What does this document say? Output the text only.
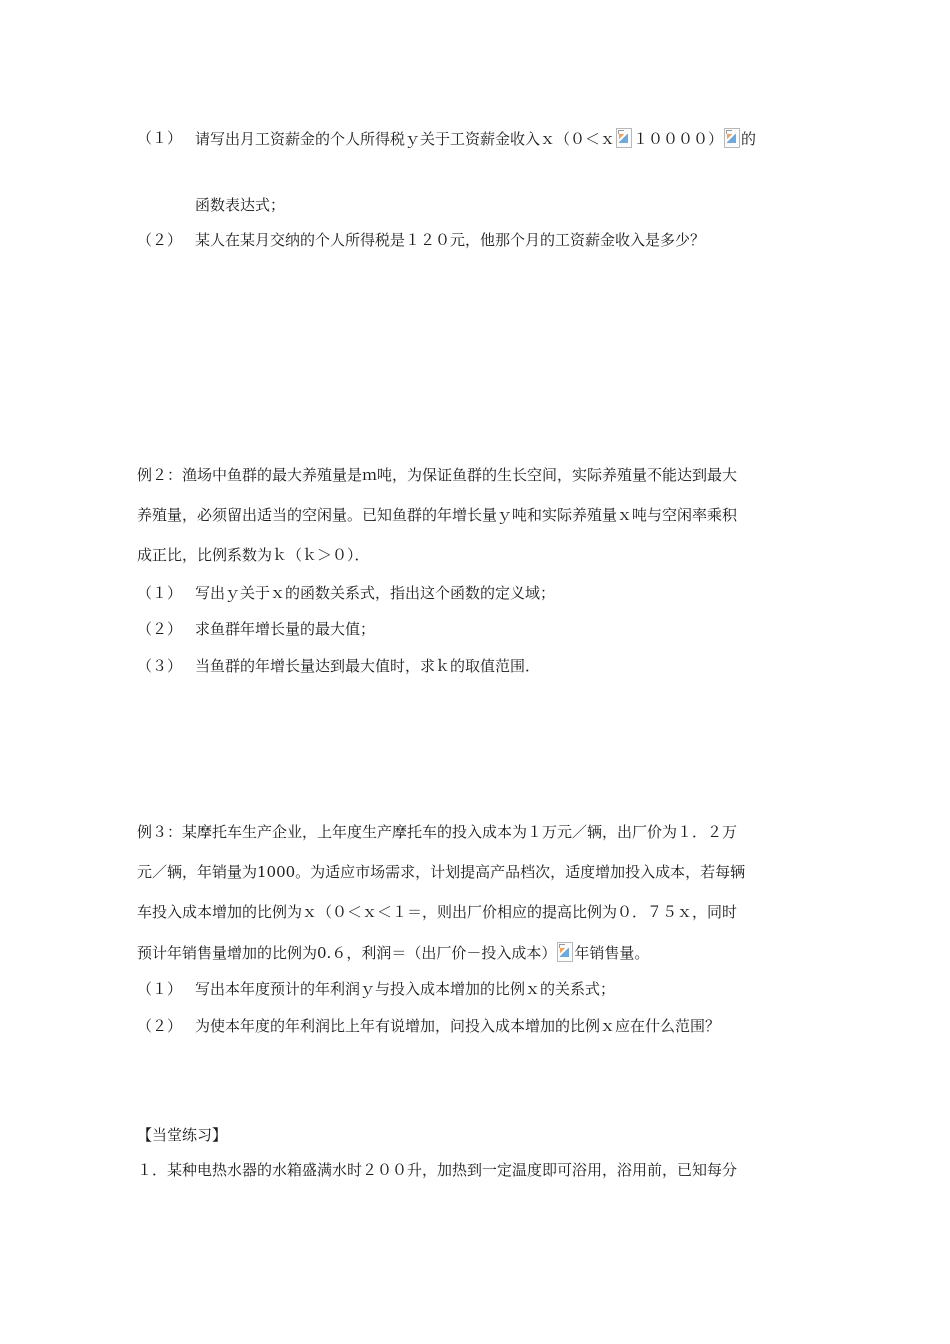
（１） 请写出月工资薪金的个人所得税ｙ关于工资薪金收入ｘ（０＜ｘ １００００） 的
函数表达式；
（２） 某人在某月交纳的个人所得税是１２０元，他那个月的工资薪金收入是多少？
例２：渔场中鱼群的最大养殖量是ｍ吨，为保证鱼群的生长空间，实际养殖量不能达到最大
养殖量，必须留出适当的空闲量。已知鱼群的年增长量ｙ吨和实际养殖量ｘ吨与空闲率乘积
成正比，比例系数为ｋ（ｋ＞０）．
（１） 写出ｙ关于ｘ的函数关系式，指出这个函数的定义域；
（２） 求鱼群年增长量的最大值；
（３） 当鱼群的年增长量达到最大值时，求ｋ的取值范围．
例３：某摩托车生产企业，上年度生产摩托车的投入成本为１万元／辆，出厂价为１．２万
元／辆，年销量为1000。为适应市场需求，计划提高产品档次，适度增加投入成本，若每辆
车投入成本增加的比例为ｘ（０＜ｘ＜１＝，则出厂价相应的提高比例为０．７５ｘ，同时
预计年销售量增加的比例为0.６，利润＝（出厂价－投入成本） 年销售量。
（１） 写出本年度预计的年利润ｙ与投入成本增加的比例ｘ的关系式；
（２） 为使本年度的年利润比上年有说增加，问投入成本增加的比例ｘ应在什么范围？
【当堂练习】
１．某种电热水器的水箱盛满水时２００升，加热到一定温度即可浴用，浴用前，已知每分
